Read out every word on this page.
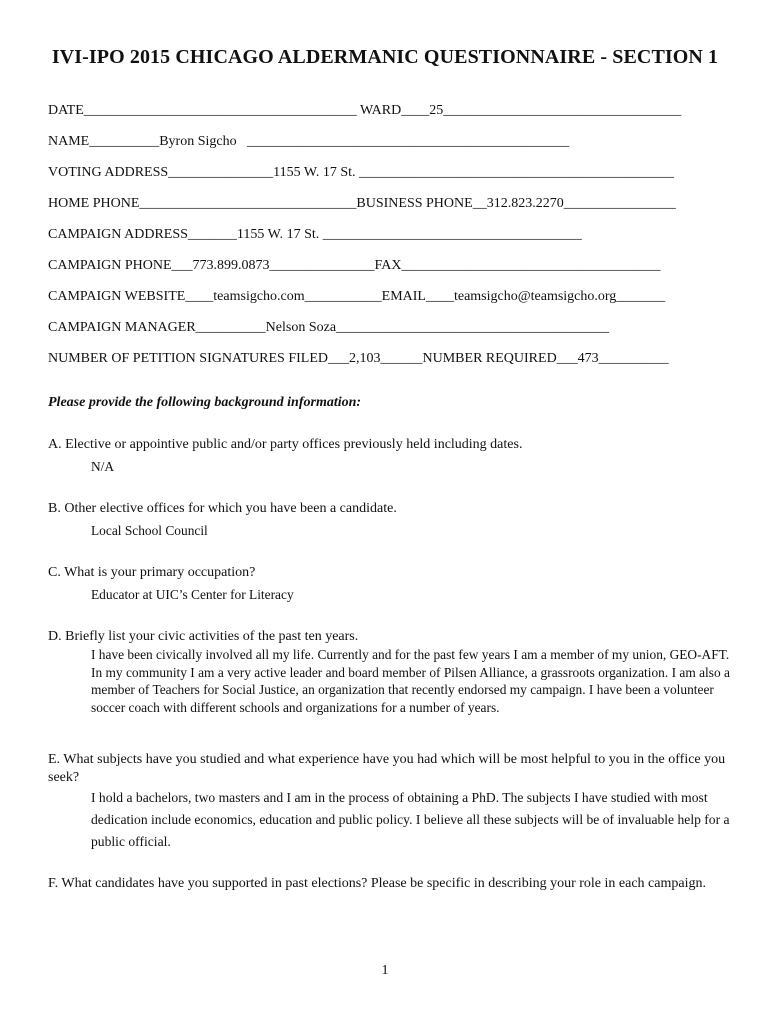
IVI-IPO 2015 CHICAGO ALDERMANIC QUESTIONNAIRE - SECTION 1
DATE_______________________________________ WARD____25__________________________________
NAME__________Byron Sigcho   ______________________________________________
VOTING ADDRESS_______________1155 W. 17 St. _____________________________________________
HOME PHONE_______________________________BUSINESS PHONE__312.823.2270________________
CAMPAIGN ADDRESS_______1155 W. 17 St. _____________________________________
CAMPAIGN PHONE___773.899.0873_______________FAX_____________________________________
CAMPAIGN WEBSITE____teamsigcho.com___________EMAIL____teamsigcho@teamsigcho.org_______
CAMPAIGN MANAGER__________Nelson Soza_______________________________________
NUMBER OF PETITION SIGNATURES FILED___2,103______NUMBER REQUIRED___473__________
Please provide the following background information:
A. Elective or appointive public and/or party offices previously held including dates.
N/A
B. Other elective offices for which you have been a candidate.
Local School Council
C. What is your primary occupation?
Educator at UIC’s Center for Literacy
D. Briefly list your civic activities of the past ten years.
I have been civically involved all my life. Currently and for the past few years I am a member of my union, GEO-AFT. In my community I am a very active leader and board member of Pilsen Alliance, a grassroots organization. I am also a member of Teachers for Social Justice, an organization that recently endorsed my campaign. I have been a volunteer soccer coach with different schools and organizations for a number of years.
E. What subjects have you studied and what experience have you had which will be most helpful to you in the office you seek?
I hold a bachelors, two masters and I am in the process of obtaining a PhD. The subjects I have studied with most dedication include economics, education and public policy. I believe all these subjects will be of invaluable help for a public official.
F. What candidates have you supported in past elections? Please be specific in describing your role in each campaign.
1
